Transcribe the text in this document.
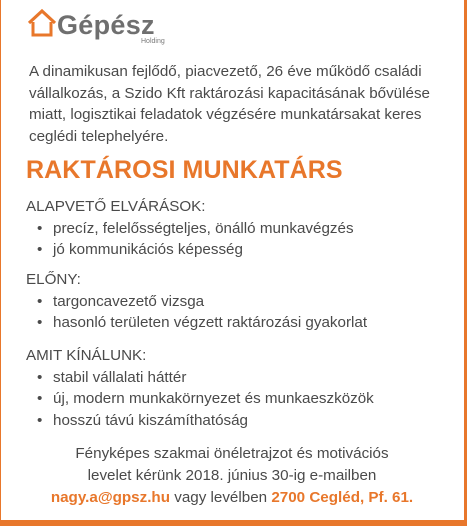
Gépész
Holding
A dinamikusan fejlődő, piacvezető, 26 éve működő családi vállalkozás, a Szido Kft raktározási kapacitásának bővülése miatt, logisztikai feladatok végzésére munkatársakat keres ceglédi telephelyére.
RAKTÁROSI MUNKATÁRS
ALAPVETŐ ELVÁRÁSOK:
• precíz, felelősségteljes, önálló munkavégzés
• jó kommunikációs képesség
ELŐNY:
• targoncavezető vizsga
• hasonló területen végzett raktározási gyakorlat
AMIT KÍNÁLUNK:
• stabil vállalati háttér
• új, modern munkakörnyezet és munkaeszközök
• hosszú távú kiszámíthatóság
Fényképes szakmai önéletrajzot és motivációs
levelet kérünk 2018. június 30-ig e-mailben
nagy.a@gpsz.hu vagy levélben 2700 Cegléd, Pf. 61.
